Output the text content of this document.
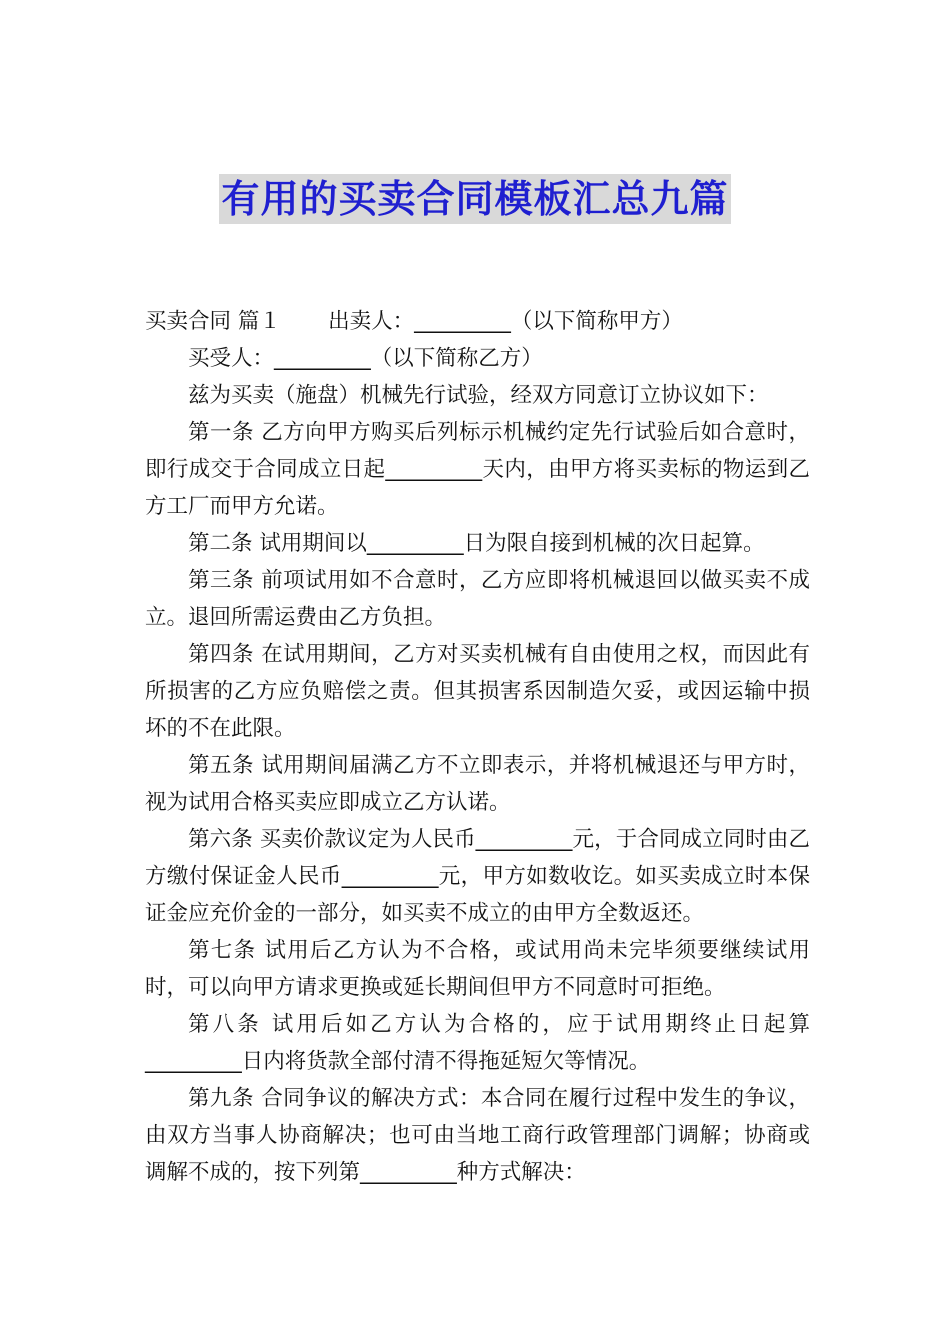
有用的买卖合同模板汇总九篇

买卖合同 篇１ 出卖人：_________（以下简称甲方）

买受人：_________（以下简称乙方）

兹为买卖（施盘）机械先行试验，经双方同意订立协议如下：

第一条 乙方向甲方购买后列标示机械约定先行试验后如合意时，即行成交于合同成立日起_________天内，由甲方将买卖标的物运到乙方工厂而甲方允诺。

第二条 试用期间以_________日为限自接到机械的次日起算。

第三条 前项试用如不合意时，乙方应即将机械退回以做买卖不成立。退回所需运费由乙方负担。

第四条 在试用期间，乙方对买卖机械有自由使用之权，而因此有所损害的乙方应负赔偿之责。但其损害系因制造欠妥，或因运输中损坏的不在此限。

第五条 试用期间届满乙方不立即表示，并将机械退还与甲方时，视为试用合格买卖应即成立乙方认诺。

第六条 买卖价款议定为人民币_________元，于合同成立同时由乙方缴付保证金人民币_________元，甲方如数收讫。如买卖成立时本保证金应充价金的一部分，如买卖不成立的由甲方全数返还。

第七条 试用后乙方认为不合格，或试用尚未完毕须要继续试用时，可以向甲方请求更换或延长期间但甲方不同意时可拒绝。

第八条 试用后如乙方认为合格的，应于试用期终止日起算_________日内将货款全部付清不得拖延短欠等情况。

第九条 合同争议的解决方式：本合同在履行过程中发生的争议，由双方当事人协商解决；也可由当地工商行政管理部门调解；协商或调解不成的，按下列第_________种方式解决：
